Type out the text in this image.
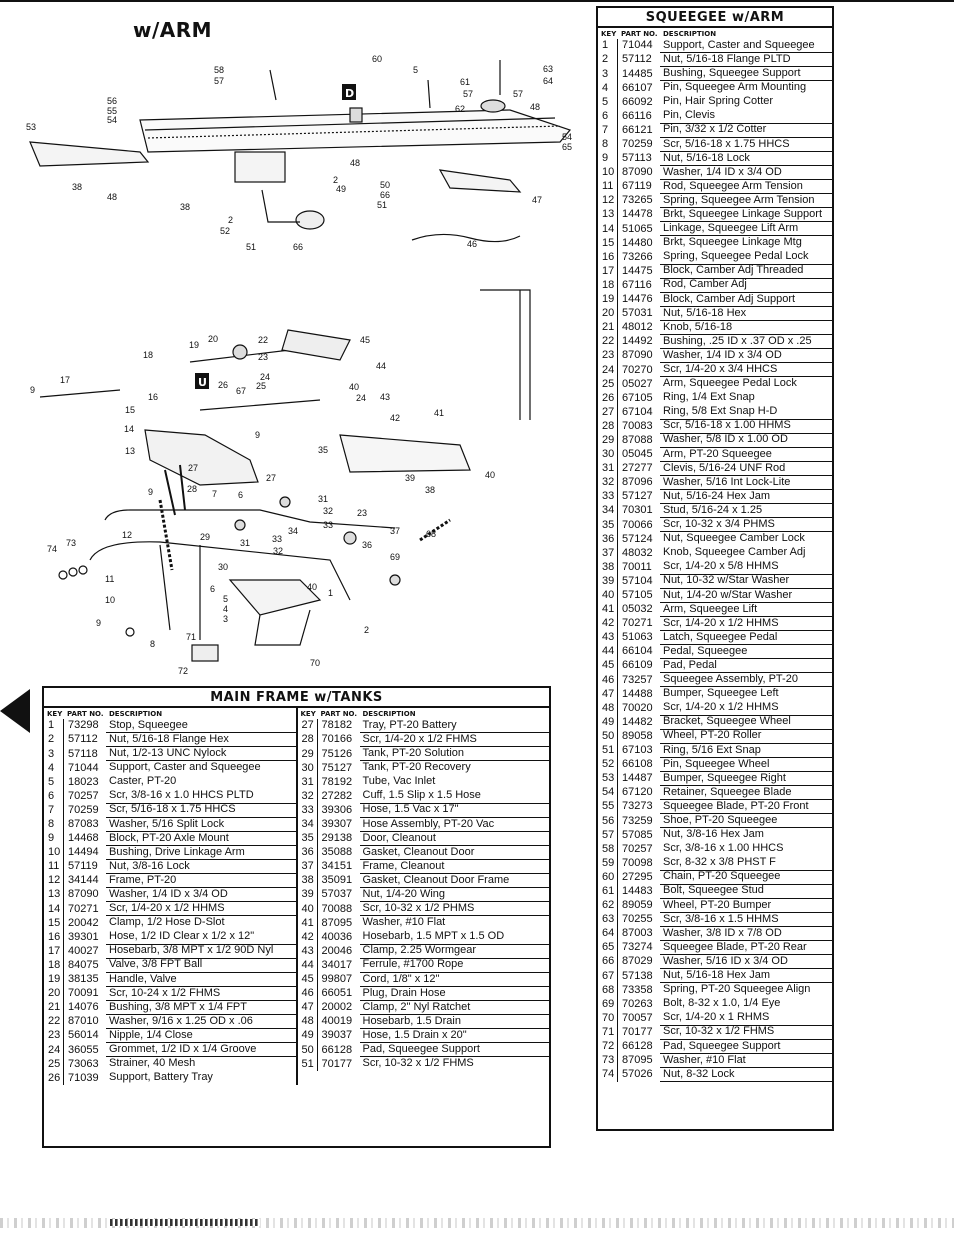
w/ARM
58
57
60
5
61
57
62
57
63
64
48
56
55
54
53
54
65
48
2
49	50
66
51
38
48
38
2
52
51	66	46
47
20
19	22	45
23
44
18
24
26
67 25	40
24 43
17
9
16
15
14
13
41
42
9
35
27
27	39	40
9	28 7 6	38
31
32
33
23
34
33
37
12	29
31
32
36
68
73
74
69
30
11
40
1
10
6
5
4
3
9
8
71
2
72
70
D
U
SQUEEGEE w/ARM
KEY PART NO. DESCRIPTION
1	71044 Support, Caster and Squeegee
2	57112	Nut, 5/16-18 Flange PLTD
3	14485 Bushing, Squeegee Support
4	66107 Pin, Squeegee Arm Mounting
5	66092 Pin, Hair Spring Cotter
6	66116	Pin, Clevis
7	66121 Pin, 3/32 x 1/2 Cotter
8	70259 Scr, 5/16-18 x 1.75 HHCS
9	57113	Nut, 5/16-18 Lock
10 87090 Washer, 1/4 ID x 3/4 OD
11 67119	Rod, Squeegee Arm Tension
12 73265 Spring, Squeegee Arm Tension
13 14478 Brkt, Squeegee Linkage Support
14 51065 Linkage, Squeegee Lift Arm
15 14480 Brkt, Squeegee Linkage Mtg
16 73266 Spring, Squeegee Pedal Lock
17 14475 Block, Camber Adj Threaded
18 67116	Rod, Camber Adj
19 14476 Block, Camber Adj Support
20 57031 Nut, 5/16-18 Hex
21 48012 Knob, 5/16-18
22 14492 Bushing, .25 ID x .37 OD x .25
23 87090 Washer, 1/4 ID x 3/4 OD
24 70270 Scr, 1/4-20 x 3/4 HHCS
25 05027 Arm, Squeegee Pedal Lock
26 67105 Ring, 1/4 Ext Snap
27 67104 Ring, 5/8 Ext Snap H-D
28 70083 Scr, 5/16-18 x 1.00 HHMS
29 87088 Washer, 5/8 ID x 1.00 OD
30 05045 Arm, PT-20 Squeegee
31 27277 Clevis, 5/16-24 UNF Rod
32 87096 Washer, 5/16 Int Lock-Lite
33 57127 Nut, 5/16-24 Hex Jam
34 70301 Stud, 5/16-24 x 1.25
35 70066 Scr, 10-32 x 3/4 PHMS
36 57124 Nut, Squeegee Camber Lock
37 48032 Knob, Squeegee Camber Adj
38 70011	Scr, 1/4-20 x 5/8 HHMS
39 57104 Nut, 10-32 w/Star Washer
40 57105 Nut, 1/4-20 w/Star Washer
41 05032 Arm, Squeegee Lift
42 70271 Scr, 1/4-20 x 1/2 HHMS
43 51063 Latch, Squeegee Pedal
44 66104 Pedal, Squeegee
45 66109 Pad, Pedal
46 73257 Squeegee Assembly, PT-20
47 14488 Bumper, Squeegee Left
48 70020 Scr, 1/4-20 x 1/2 HHMS
49 14482 Bracket, Squeegee Wheel
50 89058 Wheel, PT-20 Roller
51 67103 Ring, 5/16 Ext Snap
52 66108 Pin, Squeegee Wheel
53 14487 Bumper, Squeegee Right
54 67120 Retainer, Squeegee Blade
55 73273 Squeegee Blade, PT-20 Front
56 73259 Shoe, PT-20 Squeegee
57 57085 Nut, 3/8-16 Hex Jam
58 70257 Scr, 3/8-16 x 1.00 HHCS
59 70098 Scr, 8-32 x 3/8 PHST F
60 27295 Chain, PT-20 Squeegee
61 14483 Bolt, Squeegee Stud
62 89059 Wheel, PT-20 Bumper
63 70255 Scr, 3/8-16 x 1.5 HHMS
64 87003 Washer, 3/8 ID x 7/8 OD
65 73274 Squeegee Blade, PT-20 Rear
66 87029 Washer, 5/16 ID x 3/4 OD
67 57138 Nut, 5/16-18 Hex Jam
68 73358 Spring, PT-20 Squeegee Align
69 70263 Bolt, 8-32 x 1.0, 1/4 Eye
70 70057 Scr, 1/4-20 x 1 RHMS
71 70177 Scr, 10-32 x 1/2 FHMS
72 66128 Pad, Squeegee Support
73 87095 Washer, #10 Flat
74 57026 Nut, 8-32 Lock
MAIN FRAME w/TANKS
KEY PART NO. DESCRIPTION
1	73298 Stop, Squeegee
2	57112	Nut, 5/16-18 Flange Hex
3	57118	Nut, 1/2-13 UNC Nylock
4	71044 Support, Caster and Squeegee
5	18023 Caster, PT-20
6	70257 Scr, 3/8-16 x 1.0 HHCS PLTD
7	70259 Scr, 5/16-18 x 1.75 HHCS
8	87083 Washer, 5/16 Split Lock
9	14468 Block, PT-20 Axle Mount
10 14494 Bushing, Drive Linkage Arm
11 57119	Nut, 3/8-16 Lock
12 34144 Frame, PT-20
13 87090 Washer, 1/4 ID x 3/4 OD
14 70271 Scr, 1/4-20 x 1/2 HHMS
15 20042 Clamp, 1/2 Hose D-Slot
16 39301 Hose, 1/2 ID Clear x 1/2 x 12"
17 40027 Hosebarb, 3/8 MPT x 1/2 90D Nyl
18 84075 Valve, 3/8 FPT Ball
19 38135 Handle, Valve
20 70091 Scr, 10-24 x 1/2 FHMS
21 14076 Bushing, 3/8 MPT x 1/4 FPT
22 87010 Washer, 9/16 x 1.25 OD x .06
23 56014 Nipple, 1/4 Close
24 36055 Grommet, 1/2 ID x 1/4 Groove
25 73063 Strainer, 40 Mesh
26 71039 Support, Battery Tray
KEY PART NO. DESCRIPTION
27 78182 Tray, PT-20 Battery
28 70166 Scr, 1/4-20 x 1/2 FHMS
29 75126 Tank, PT-20 Solution
30 75127 Tank, PT-20 Recovery
31 78192 Tube, Vac Inlet
32 27282 Cuff, 1.5 Slip x 1.5 Hose
33 39306 Hose, 1.5 Vac x 17"
34 39307 Hose Assembly, PT-20 Vac
35 29138 Door, Cleanout
36 35088 Gasket, Cleanout Door
37 34151 Frame, Cleanout
38 35091 Gasket, Cleanout Door Frame
39 57037 Nut, 1/4-20 Wing
40 70088 Scr, 10-32 x 1/2 PHMS
41 87095 Washer, #10 Flat
42 40036 Hosebarb, 1.5 MPT x 1.5 OD
43 20046 Clamp, 2.25 Wormgear
44 34017 Ferrule, #1700 Rope
45 99807 Cord, 1/8" x 12"
46 66051 Plug, Drain Hose
47 20002 Clamp, 2" Nyl Ratchet
48 40019 Hosebarb, 1.5 Drain
49 39037 Hose, 1.5 Drain x 20"
50 66128 Pad, Squeegee Support
51 70177 Scr, 10-32 x 1/2 FHMS
